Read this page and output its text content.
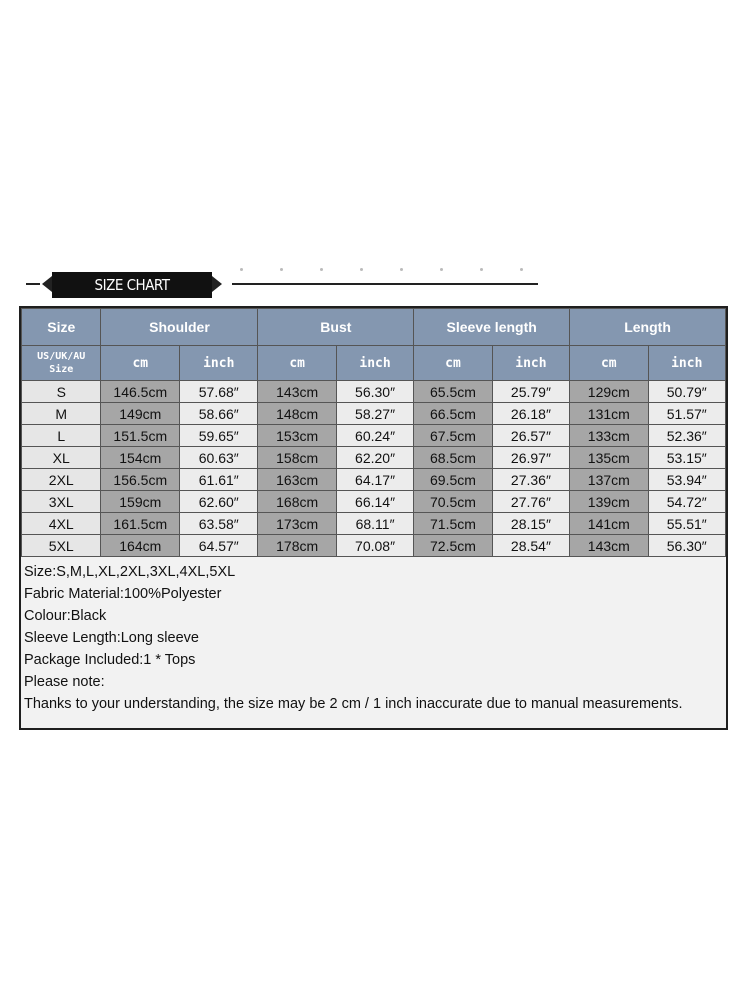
SIZE CHART
Size	Shoulder		Bust		Sleeve length		Length	

US/UK/AU
Size	cm	inch	cm	inch	cm	inch	cm	inch
S	146.5cm	57.68″	143cm	56.30″	65.5cm	25.79″	129cm	50.79″
M	149cm	58.66″	148cm	58.27″	66.5cm	26.18″	131cm	51.57″
L	151.5cm	59.65″	153cm	60.24″	67.5cm	26.57″	133cm	52.36″
XL	154cm	60.63″	158cm	62.20″	68.5cm	26.97″	135cm	53.15″
2XL	156.5cm	61.61″	163cm	64.17″	69.5cm	27.36″	137cm	53.94″
3XL	159cm	62.60″	168cm	66.14″	70.5cm	27.76″	139cm	54.72″
4XL	161.5cm	63.58″	173cm	68.11″	71.5cm	28.15″	141cm	55.51″
5XL	164cm	64.57″	178cm	70.08″	72.5cm	28.54″	143cm	56.30″
Size:S,M,L,XL,2XL,3XL,4XL,5XL
Fabric Material:100%Polyester
Colour:Black
Sleeve Length:Long sleeve
Package Included:1 * Tops
Please note:
Thanks to your understanding, the size may be 2 cm / 1 inch inaccurate due to manual measurements.
